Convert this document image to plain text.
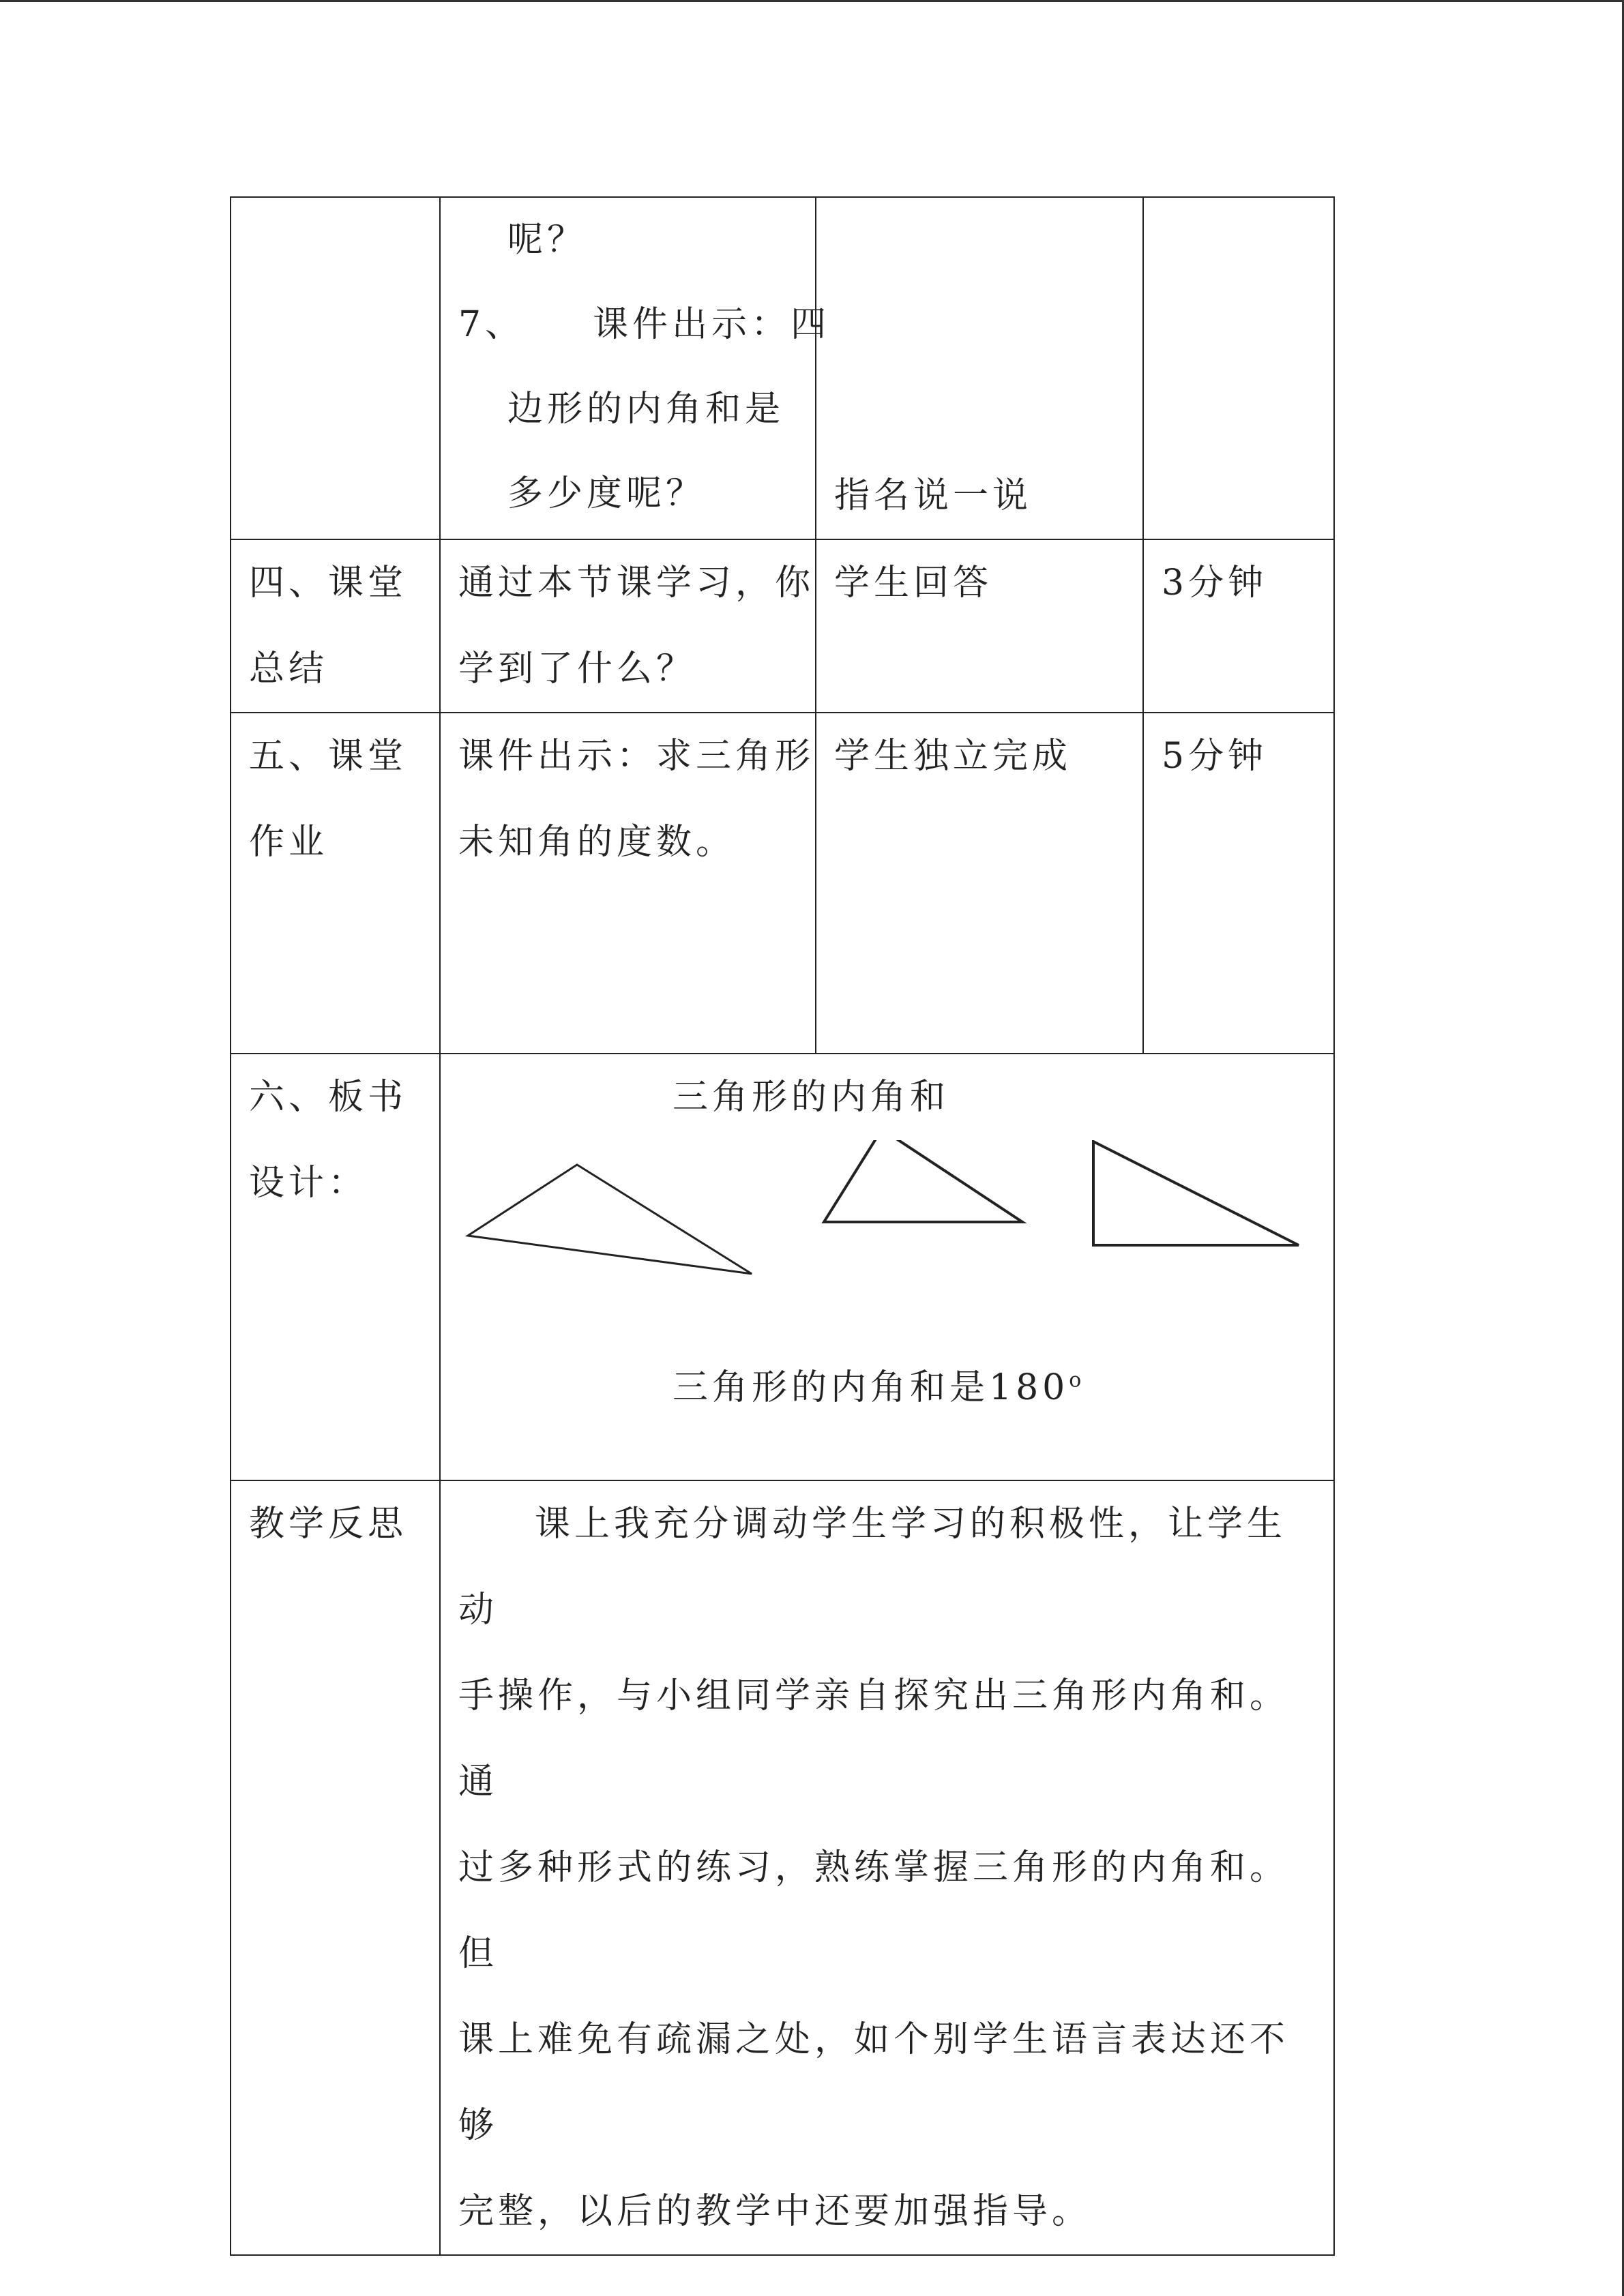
	呢？
7、 课件出示：四
边形的内角和是
多少度呢？	指名说一说	

四、课堂
总结	通过本节课学习，你
学到了什么？	学生回答	3分钟

五、课堂
作业	课件出示：求三角形
未知角的度数。	学生独立完成	5分钟

六、板书
设计：	三角形的内角和
三角形的内角和是180$^o$

教学反思	课上我充分调动学生学习的积极性，让学生动
手操作，与小组同学亲自探究出三角形内角和。通
过多种形式的练习，熟练掌握三角形的内角和。但
课上难免有疏漏之处，如个别学生语言表达还不够
完整，以后的教学中还要加强指导。		
